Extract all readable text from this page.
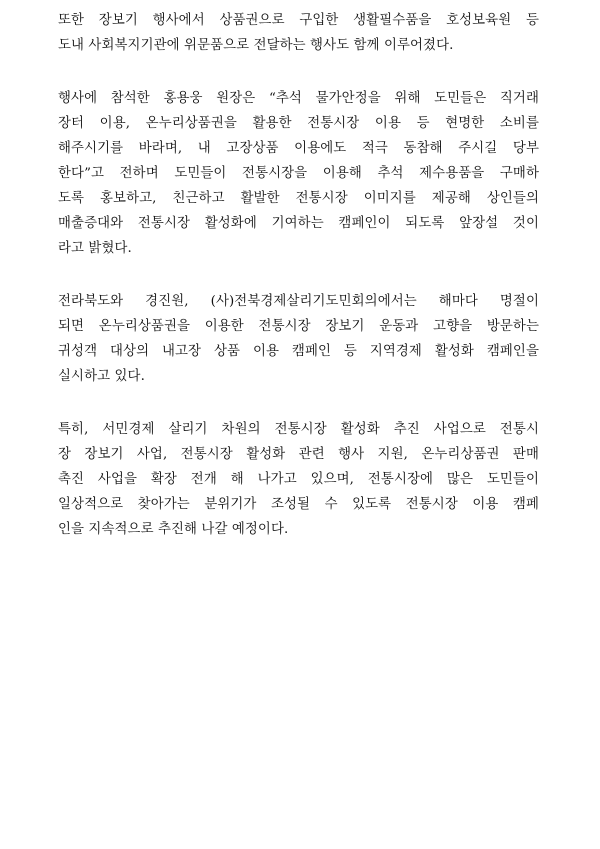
또한 장보기 행사에서 상품권으로 구입한 생활필수품을 호성보육원 등
도내 사회복지기관에 위문품으로 전달하는 행사도 함께 이루어졌다.
행사에 참석한 홍용웅 원장은 “추석 물가안정을 위해 도민들은 직거래
장터 이용, 온누리상품권을 활용한 전통시장 이용 등 현명한 소비를
해주시기를 바라며, 내 고장상품 이용에도 적극 동참해 주시길 당부
한다”고 전하며 도민들이 전통시장을 이용해 추석 제수용품을 구매하
도록 홍보하고, 친근하고 활발한 전통시장 이미지를 제공해 상인들의
매출증대와 전통시장 활성화에 기여하는 캠페인이 되도록 앞장설 것이
라고 밝혔다.
전라북도와 경진원, (사)전북경제살리기도민회의에서는 해마다 명절이
되면 온누리상품권을 이용한 전통시장 장보기 운동과 고향을 방문하는
귀성객 대상의 내고장 상품 이용 캠페인 등 지역경제 활성화 캠페인을
실시하고 있다.
특히, 서민경제 살리기 차원의 전통시장 활성화 추진 사업으로 전통시
장 장보기 사업, 전통시장 활성화 관련 행사 지원, 온누리상품권 판매
촉진 사업을 확장 전개 해 나가고 있으며, 전통시장에 많은 도민들이
일상적으로 찾아가는 분위기가 조성될 수 있도록 전통시장 이용 캠페
인을 지속적으로 추진해 나갈 예정이다.
